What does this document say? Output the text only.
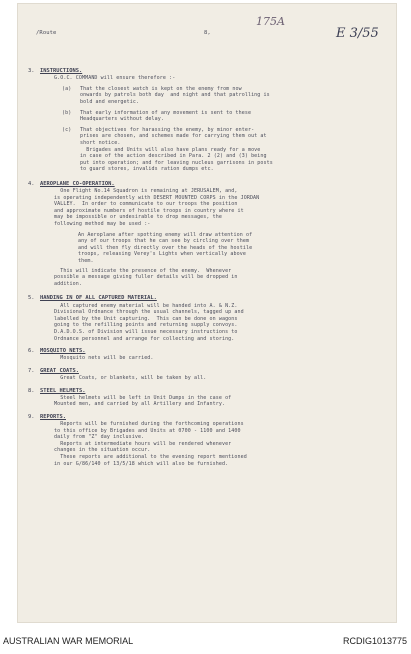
/Route	8,
175A
E 3/55
3. INSTRUCTIONS.
G.O.C. COMMAND will ensure therefore :-
(a) That the closest watch is kept on the enemy from now
onwards by patrols both day  and night and that patrolling is
bold and energetic.
(b) That early information of any movement is sent to these
Headquarters without delay.
(c) That objectives for harassing the enemy, by minor enter-
prises are chosen, and schemes made for carrying them out at
short notice.
Brigades and Units will also have plans ready for a move
in case of the action described in Para. 2 (2) and (3) being
put into operation; and for leaving nucleus garrisons in posts
to guard stores, invalids ration dumps etc.
4. AEROPLANE CO-OPERATION.
One Flight No.14 Squadron is remaining at JERUSALEM, and,
is operating independently with DESERT MOUNTED CORPS in the JORDAN
VALLEY.  In order to communicate to our troops the position
and approximate numbers of hostile troops in country where it
may be impossible or undesirable to drop messages, the
following method may be used :-
An Aeroplane after spotting enemy will draw attention of
any of our troops that he can see by circling over them
and will then fly directly over the heads of the hostile
troops, releasing Verey's Lights when vertically above
them.
This will indicate the presence of the enemy.  Whenever
possible a message giving fuller details will be dropped in
addition.
5. HANDING IN OF ALL CAPTURED MATERIAL.
All captured enemy material will be handed into A. & N.Z.
Divisional Ordnance through the usual channels, tagged up and
labelled by the Unit capturing.  This can be done on wagons
going to the refilling points and returning supply convoys.
D.A.D.O.S. of Division will issue necessary instructions to
Ordnance personnel and arrange for collecting and storing.
6. MOSQUITO NETS.
Mosquito nets will be carried.
7. GREAT COATS.
Great Coats, or blankets, will be taken by all.
8. STEEL HELMETS.
Steel helmets will be left in Unit Dumps in the case of
Mounted men, and carried by all Artillery and Infantry.
9. REPORTS.
Reports will be furnished during the forthcoming operations
to this office by Brigades and Units at 0700 - 1100 and 1400
daily from "Z" day inclusive.
Reports at intermediate hours will be rendered whenever
changes in the situation occur.
These reports are additional to the evening report mentioned
in our G/86/140 of 13/5/18 which will also be furnished.
AUSTRALIAN WAR MEMORIAL	RCDIG1013775
